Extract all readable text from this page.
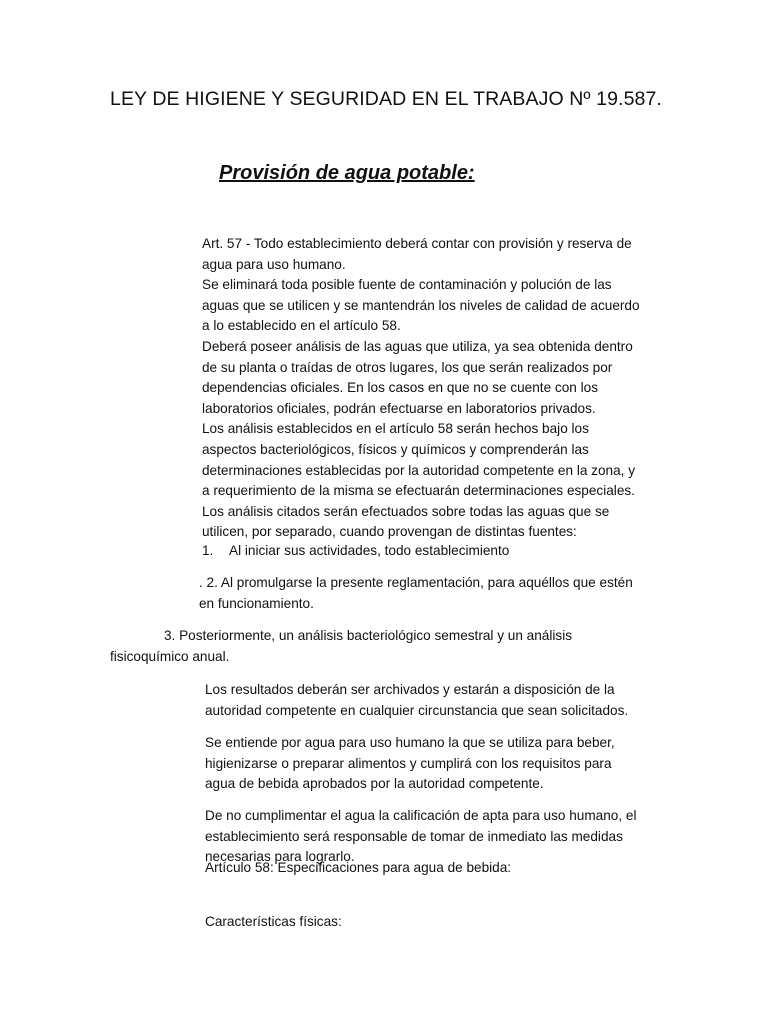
LEY DE HIGIENE Y SEGURIDAD EN EL TRABAJO Nº 19.587.
Provisión de agua potable:
Art. 57 - Todo establecimiento deberá contar con provisión y reserva de
agua para uso humano.
Se eliminará toda posible fuente de contaminación y polución de las
aguas que se utilicen y se mantendrán los niveles de calidad de acuerdo
a lo establecido en el artículo 58.
Deberá poseer análisis de las aguas que utiliza, ya sea obtenida dentro
de su planta o traídas de otros lugares, los que serán realizados por
dependencias oficiales. En los casos en que no se cuente con los
laboratorios oficiales, podrán efectuarse en laboratorios privados.
Los análisis establecidos en el artículo 58 serán hechos bajo los
aspectos bacteriológicos, físicos y químicos y comprenderán las
determinaciones establecidas por la autoridad competente en la zona, y
a requerimiento de la misma se efectuarán determinaciones especiales.
Los análisis citados serán efectuados sobre todas las aguas que se
utilicen, por separado, cuando provengan de distintas fuentes:
1. Al iniciar sus actividades, todo establecimiento
. 2. Al promulgarse la presente reglamentación, para aquéllos que estén
en funcionamiento.
3. Posteriormente, un análisis bacteriológico semestral y un análisis
fisicoquímico anual.
Los resultados deberán ser archivados y estarán a disposición de la
autoridad competente en cualquier circunstancia que sean solicitados.
Se entiende por agua para uso humano la que se utiliza para beber,
higienizarse o preparar alimentos y cumplirá con los requisitos para
agua de bebida aprobados por la autoridad competente.
De no cumplimentar el agua la calificación de apta para uso humano, el
establecimiento será responsable de tomar de inmediato las medidas
necesarias para lograrlo.
Artículo 58: Especificaciones para agua de bebida:
Características físicas:
